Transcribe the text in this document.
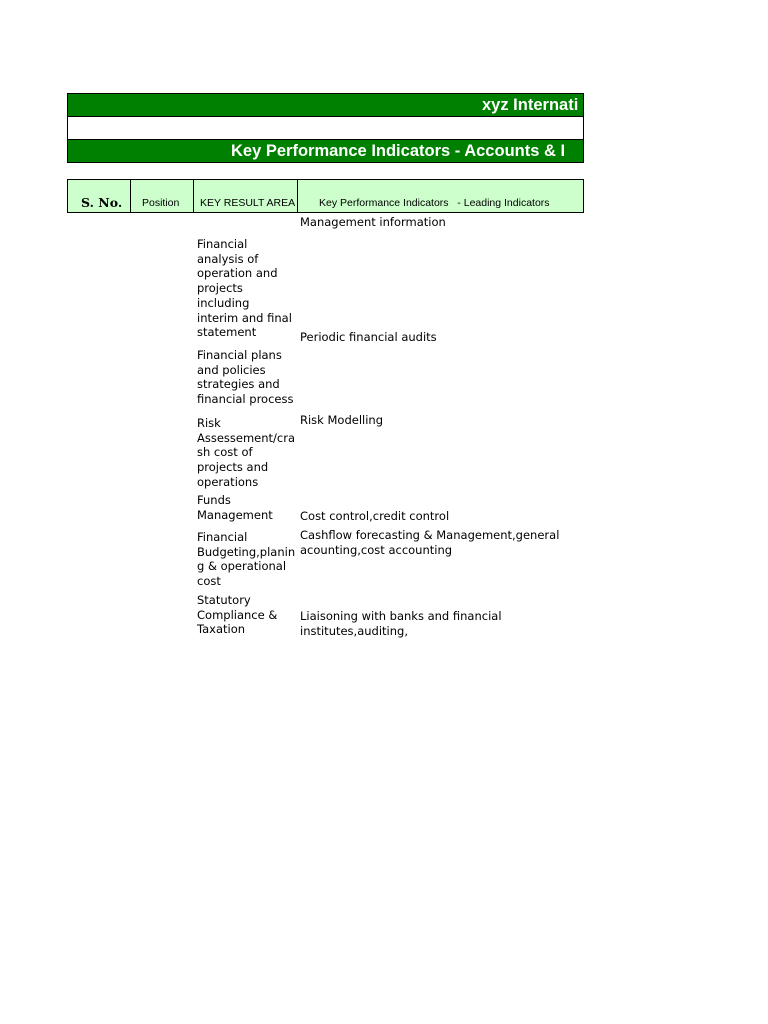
xyz Internati
Key Performance Indicators - Accounts & I
S. No. Position KEY RESULT AREA Key Performance Indicators   - Leading Indicators
Management information
Periodic financial audits
Risk Modelling
Cost control,credit control
Cashflow forecasting & Management,general
acounting,cost accounting
Liaisoning with banks and financial
institutes,auditing,
Financial
analysis of
operation and
projects including
interim and final
statement
Financial plans
and policies
strategies and
financial process
Risk
Assessement/cra
sh cost of
projects and
operations
Funds
Management
Financial
Budgeting,planin
g & operational
cost
Statutory
Compliance &
Taxation
